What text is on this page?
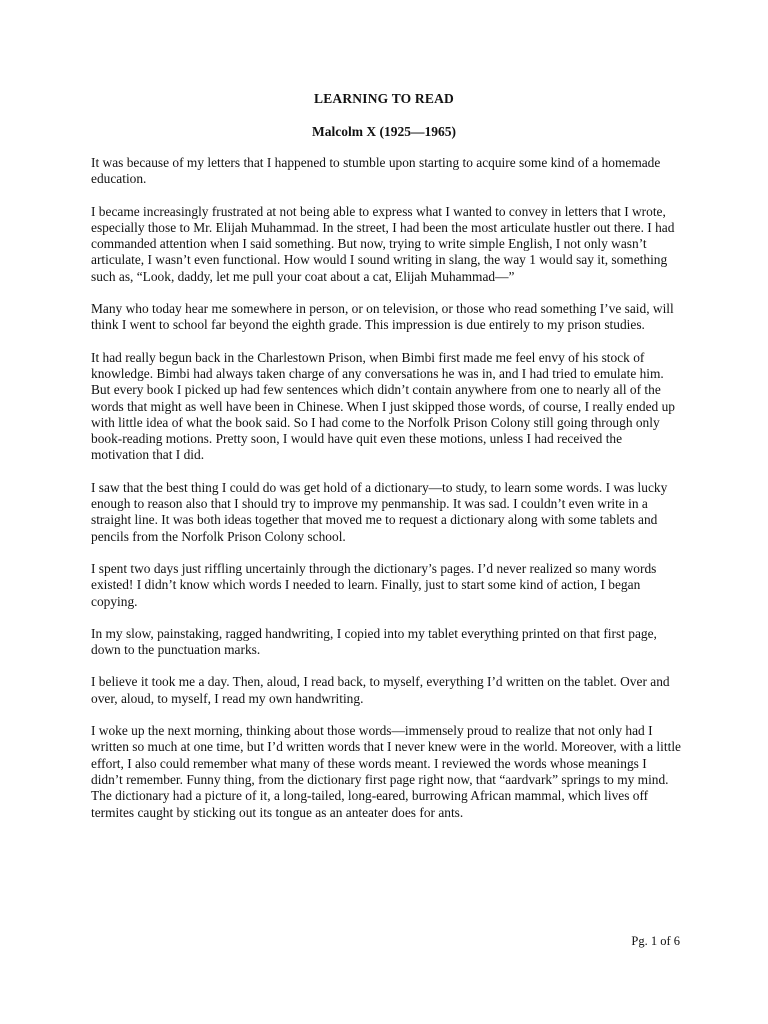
LEARNING TO READ
Malcolm X (1925—1965)

It was because of my letters that I happened to stumble upon starting to acquire some kind of a homemade education.

I became increasingly frustrated at not being able to express what I wanted to convey in letters that I wrote, especially those to Mr. Elijah Muhammad. In the street, I had been the most articulate hustler out there. I had commanded attention when I said something. But now, trying to write simple English, I not only wasn’t articulate, I wasn’t even functional. How would I sound writing in slang, the way 1 would say it, something such as, “Look, daddy, let me pull your coat about a cat, Elijah Muhammad—”

Many who today hear me somewhere in person, or on television, or those who read something I’ve said, will think I went to school far beyond the eighth grade. This impression is due entirely to my prison studies.

It had really begun back in the Charlestown Prison, when Bimbi first made me feel envy of his stock of knowledge. Bimbi had always taken charge of any conversations he was in, and I had tried to emulate him. But every book I picked up had few sentences which didn’t contain anywhere from one to nearly all of the words that might as well have been in Chinese. When I just skipped those words, of course, I really ended up with little idea of what the book said. So I had come to the Norfolk Prison Colony still going through only book-reading motions. Pretty soon, I would have quit even these motions, unless I had received the motivation that I did.

I saw that the best thing I could do was get hold of a dictionary—to study, to learn some words. I was lucky enough to reason also that I should try to improve my penmanship. It was sad. I couldn’t even write in a straight line. It was both ideas together that moved me to request a dictionary along with some tablets and pencils from the Norfolk Prison Colony school.

I spent two days just riffling uncertainly through the dictionary’s pages. I’d never realized so many words existed! I didn’t know which words I needed to learn. Finally, just to start some kind of action, I began copying.

In my slow, painstaking, ragged handwriting, I copied into my tablet everything printed on that first page, down to the punctuation marks.

I believe it took me a day. Then, aloud, I read back, to myself, everything I’d written on the tablet. Over and over, aloud, to myself, I read my own handwriting.

I woke up the next morning, thinking about those words—immensely proud to realize that not only had I written so much at one time, but I’d written words that I never knew were in the world. Moreover, with a little effort, I also could remember what many of these words meant. I reviewed the words whose meanings I didn’t remember. Funny thing, from the dictionary first page right now, that “aardvark” springs to my mind. The dictionary had a picture of it, a long-tailed, long-eared, burrowing African mammal, which lives off termites caught by sticking out its tongue as an anteater does for ants.

Pg. 1 of 6
